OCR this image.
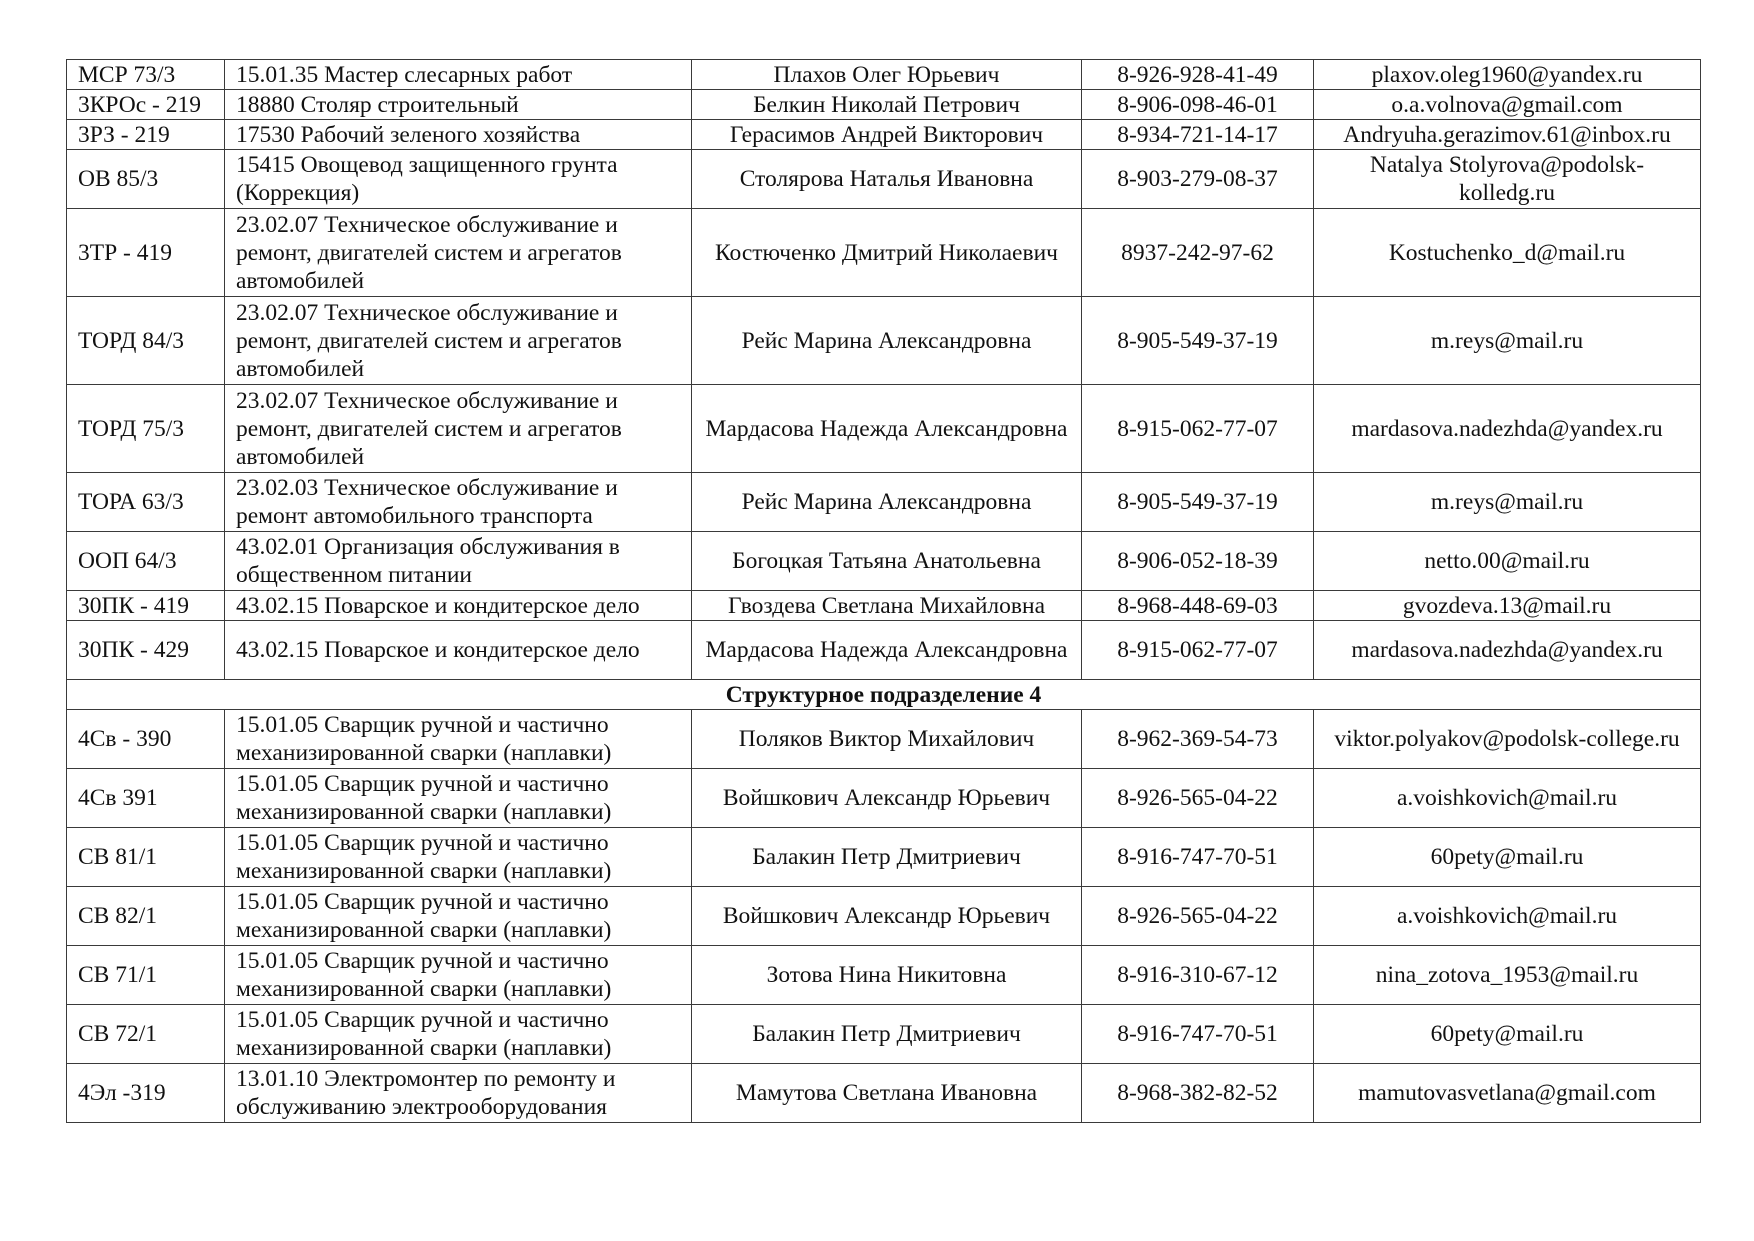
МСР 73/3	15.01.35 Мастер слесарных работ	Плахов Олег Юрьевич	8-926-928-41-49	plaxov.oleg1960@yandex.ru
3КРОс - 219	18880 Столяр строительный	Белкин Николай Петрович	8-906-098-46-01	o.a.volnova@gmail.com
3РЗ - 219	17530 Рабочий зеленого хозяйства	Герасимов Андрей Викторович	8-934-721-14-17	Andryuha.gerazimov.61@inbox.ru
ОВ 85/3	15415 Овощевод защищенного грунта (Коррекция)	Столярова Наталья Ивановна	8-903-279-08-37	Natalya Stolyrova@podolsk-kolledg.ru
3ТР - 419	23.02.07 Техническое обслуживание и ремонт, двигателей систем и агрегатов автомобилей	Костюченко Дмитрий Николаевич	8937-242-97-62	Kostuchenko_d@mail.ru
ТОРД 84/3	23.02.07 Техническое обслуживание и ремонт, двигателей систем и агрегатов автомобилей	Рейс Марина Александровна	8-905-549-37-19	m.reys@mail.ru
ТОРД 75/3	23.02.07 Техническое обслуживание и ремонт, двигателей систем и агрегатов автомобилей	Мардасова Надежда Александровна	8-915-062-77-07	mardasova.nadezhda@yandex.ru
ТОРА 63/3	23.02.03 Техническое обслуживание и ремонт автомобильного транспорта	Рейс Марина Александровна	8-905-549-37-19	m.reys@mail.ru
ООП 64/3	43.02.01 Организация обслуживания в общественном питании	Богоцкая Татьяна Анатольевна	8-906-052-18-39	netto.00@mail.ru
30ПК - 419	43.02.15 Поварское и кондитерское дело	Гвоздева Светлана Михайловна	8-968-448-69-03	gvozdeva.13@mail.ru
30ПК - 429	43.02.15 Поварское и кондитерское дело	Мардасова Надежда Александровна	8-915-062-77-07	mardasova.nadezhda@yandex.ru
Структурное подразделение 4				
4Св - 390	15.01.05 Сварщик ручной и частично механизированной сварки (наплавки)	Поляков Виктор Михайлович	8-962-369-54-73	viktor.polyakov@podolsk-college.ru
4Св 391	15.01.05 Сварщик ручной и частично механизированной сварки (наплавки)	Войшкович Александр Юрьевич	8-926-565-04-22	a.voishkovich@mail.ru
СВ 81/1	15.01.05 Сварщик ручной и частично механизированной сварки (наплавки)	Балакин Петр Дмитриевич	8-916-747-70-51	60pety@mail.ru
СВ 82/1	15.01.05 Сварщик ручной и частично механизированной сварки (наплавки)	Войшкович Александр Юрьевич	8-926-565-04-22	a.voishkovich@mail.ru
СВ 71/1	15.01.05 Сварщик ручной и частично механизированной сварки (наплавки)	Зотова Нина Никитовна	8-916-310-67-12	nina_zotova_1953@mail.ru
СВ 72/1	15.01.05 Сварщик ручной и частично механизированной сварки (наплавки)	Балакин Петр Дмитриевич	8-916-747-70-51	60pety@mail.ru
4Эл -319	13.01.10 Электромонтер по ремонту и обслуживанию электрооборудования	Мамутова Светлана Ивановна	8-968-382-82-52	mamutovasvetlana@gmail.com
